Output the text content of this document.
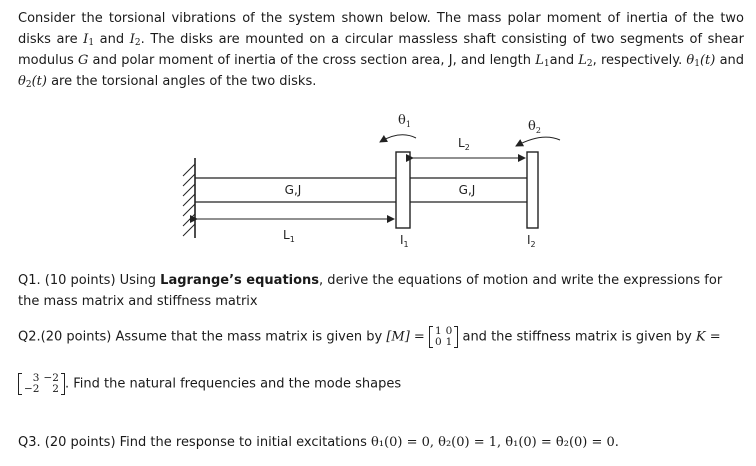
Consider the torsional vibrations of the system shown below. The mass polar moment of inertia of the two disks are $I_1$ and $I_2$. The disks are mounted on a circular massless shaft consisting of two segments of shear modulus G and polar moment of inertia of the cross section area, J, and length $L_1and$ $L_2$, respectively. $\theta_1(t)$ and $\theta_2(t)$ are the torsional angles of the two disks.
G,J	G,J
$L_1$
$L_2$
$\theta_1$	$\theta_2$
$I_1$	$I_2$
Q1. (10 points) Using Lagrange’s equations, derive the equations of motion and write the expressions for the mass matrix and stiffness matrix
Q2.(20 points) Assume that the mass matrix is given by [M] = 1	0
0	1 and the stiffness matrix is given by K =
3	−2
−2	2 . Find the natural frequencies and the mode shapes
Q3. (20 points) Find the response to initial excitations θ₁(0) = 0, θ₂(0) = 1, θ̇₁(0) = θ̇₂(0) = 0.
